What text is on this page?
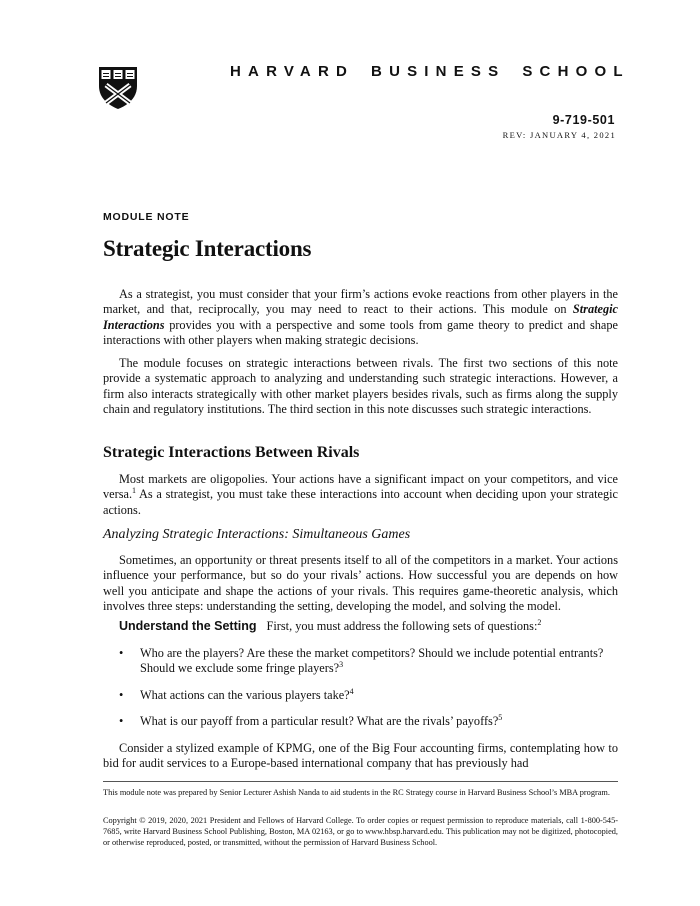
HARVARD BUSINESS SCHOOL
9-719-501
REV: JANUARY 4, 2021
MODULE NOTE
Strategic Interactions

As a strategist, you must consider that your firm’s actions evoke reactions from other players in the market, and that, reciprocally, you may need to react to their actions. This module on Strategic Interactions provides you with a perspective and some tools from game theory to predict and shape interactions with other players when making strategic decisions.

The module focuses on strategic interactions between rivals. The first two sections of this note provide a systematic approach to analyzing and understanding such strategic interactions. However, a firm also interacts strategically with other market players besides rivals, such as firms along the supply chain and regulatory institutions. The third section in this note discusses such strategic interactions.

Strategic Interactions Between Rivals

Most markets are oligopolies. Your actions have a significant impact on your competitors, and vice versa.$^1$ As a strategist, you must take these interactions into account when deciding upon your strategic actions.

Analyzing Strategic Interactions: Simultaneous Games

Sometimes, an opportunity or threat presents itself to all of the competitors in a market. Your actions influence your performance, but so do your rivals’ actions. How successful you are depends on how well you anticipate and shape the actions of your rivals. This requires game-theoretic analysis, which involves three steps: understanding the setting, developing the model, and solving the model.

Understand the Setting First, you must address the following sets of questions:$^2$

• Who are the players? Are these the market competitors? Should we include potential entrants? Should we exclude some fringe players?$^3$
• What actions can the various players take?$^4$
• What is our payoff from a particular result? What are the rivals’ payoffs?$^5$

Consider a stylized example of KPMG, one of the Big Four accounting firms, contemplating how to bid for audit services to a Europe-based international company that has previously had

This module note was prepared by Senior Lecturer Ashish Nanda to aid students in the RC Strategy course in Harvard Business School’s MBA program.

Copyright © 2019, 2020, 2021 President and Fellows of Harvard College. To order copies or request permission to reproduce materials, call 1-800-545-7685, write Harvard Business School Publishing, Boston, MA 02163, or go to www.hbsp.harvard.edu. This publication may not be digitized, photocopied, or otherwise reproduced, posted, or transmitted, without the permission of Harvard Business School.
